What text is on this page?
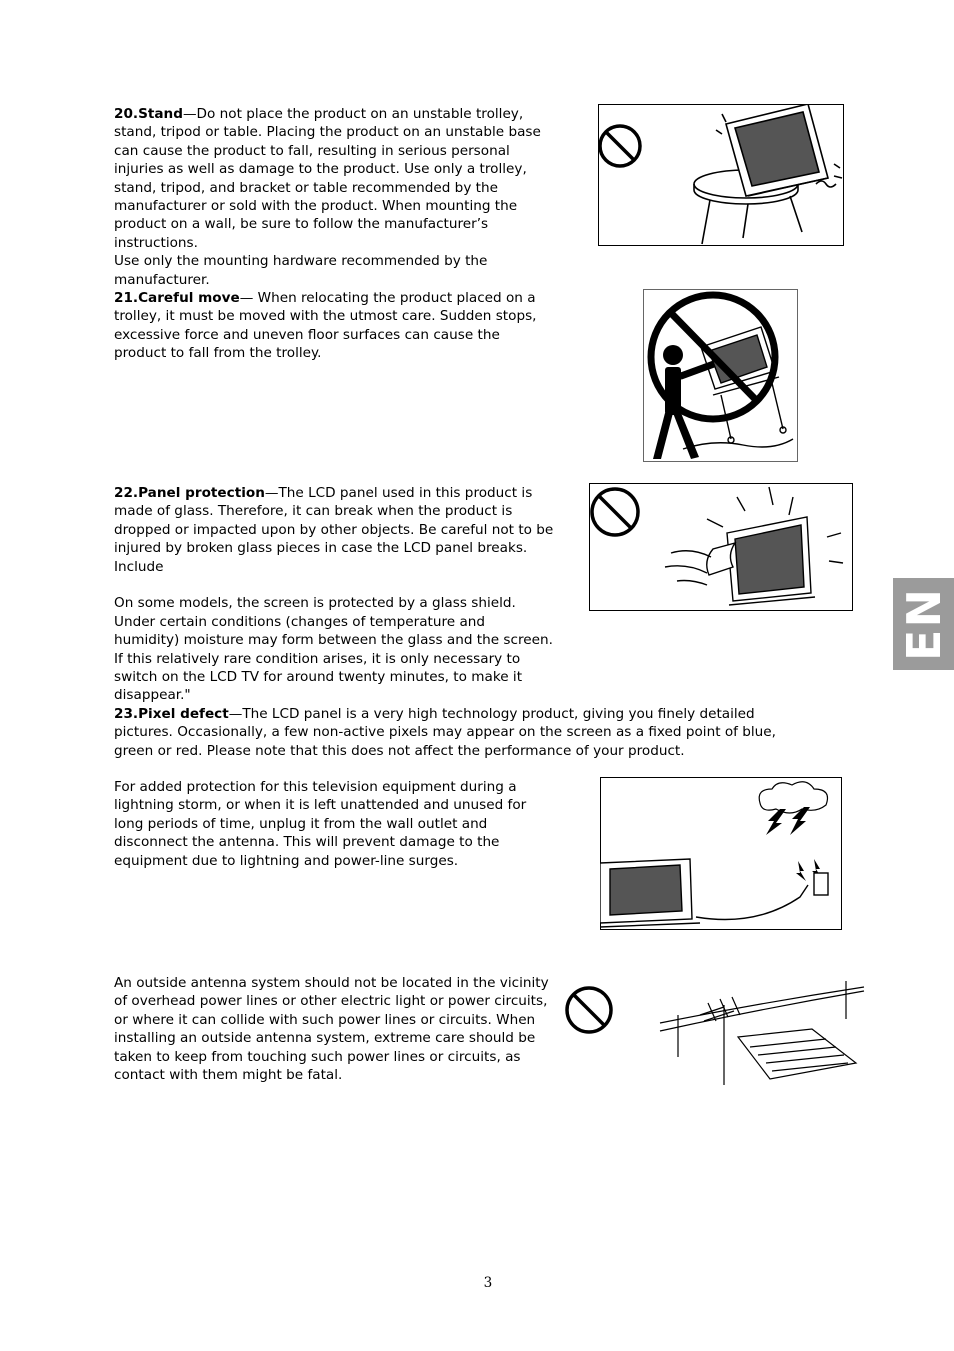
20.Stand—Do not place the product on an unstable trolley, stand, tripod or table. Placing the product on an unstable base can cause the product to fall, resulting in serious personal injuries as well as damage to the product. Use only a trolley, stand, tripod, and bracket or table recommended by the manufacturer or sold with the product. When mounting the product on a wall, be sure to follow the manufacturer’s instructions.

Use only the mounting hardware recommended by the manufacturer.

21.Careful move— When relocating the product placed on a trolley, it must be moved with the utmost care. Sudden stops, excessive force and uneven floor surfaces can cause the product to fall from the trolley.

22.Panel protection—The LCD panel used in this product is made of glass. Therefore, it can break when the product is dropped or impacted upon by other objects. Be careful not to be injured by broken glass pieces in case the LCD panel breaks.

Include

On some models, the screen is protected by a glass shield. Under certain conditions (changes of temperature and humidity) moisture may form between the glass and the screen.

If this relatively rare condition arises, it is only necessary to switch on the LCD TV for around twenty minutes, to make it disappear."

23.Pixel defect—The LCD panel is a very high technology product, giving you finely detailed pictures. Occasionally, a few non-active pixels may appear on the screen as a fixed point of blue, green or red. Please note that this does not affect the performance of your product.

For added protection for this television equipment during a lightning storm, or when it is left unattended and unused for long periods of time, unplug it from the wall outlet and disconnect the antenna. This will prevent damage to the equipment due to lightning and power-line surges.

An outside antenna system should not be located in the vicinity of overhead power lines or other electric light or power circuits, or where it can collide with such power lines or circuits. When installing an outside antenna system, extreme care should be taken to keep from touching such power lines or circuits, as contact with them might be fatal.

EN
3
